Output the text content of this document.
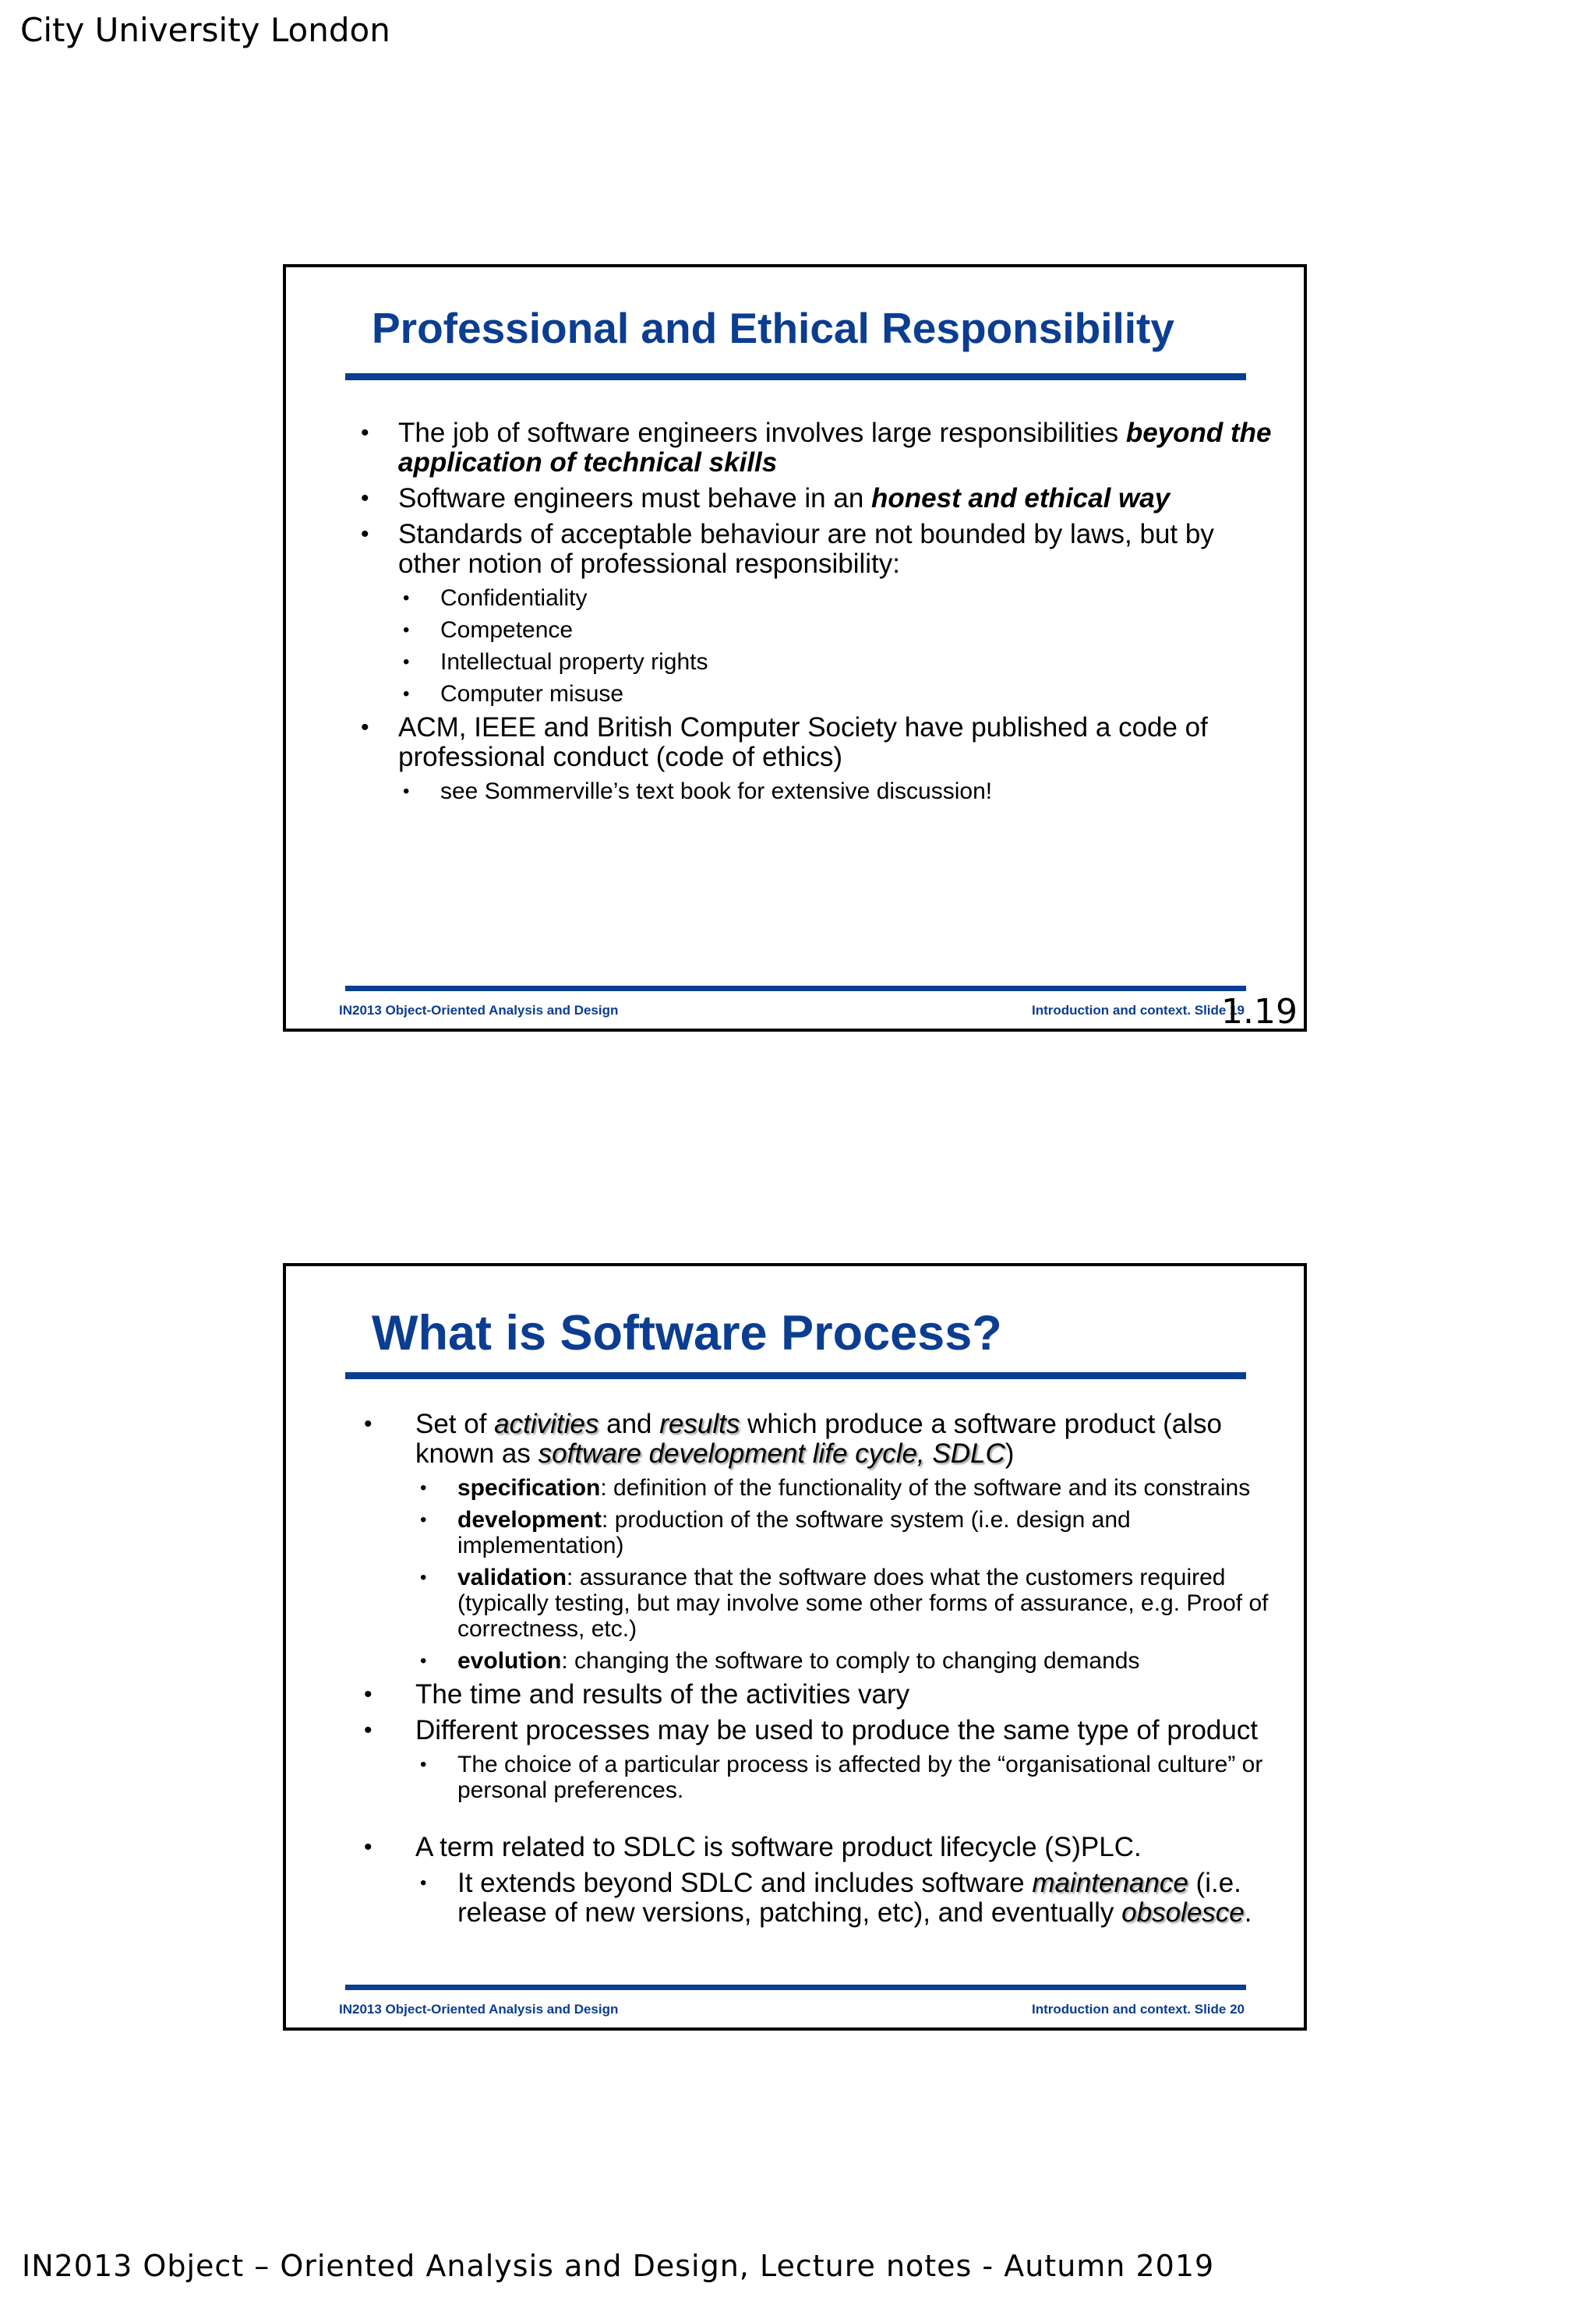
City University London
Professional and Ethical Responsibility
• The job of software engineers involves large responsibilities beyond the application of technical skills
• Software engineers must behave in an honest and ethical way
• Standards of acceptable behaviour are not bounded by laws, but by other notion of professional responsibility:
• Confidentiality
• Competence
• Intellectual property rights
• Computer misuse
• ACM, IEEE and British Computer Society have published a code of professional conduct (code of ethics)
• see Sommerville’s text book for extensive discussion!
IN2013 Object-Oriented Analysis and Design	Introduction and context. Slide 19
1.19
What is Software Process?
• Set of activities and results which produce a software product (also known as software development life cycle, SDLC)
• specification: definition of the functionality of the software and its constrains
• development: production of the software system (i.e. design and implementation)
• validation: assurance that the software does what the customers required (typically testing, but may involve some other forms of assurance, e.g. Proof of correctness, etc.)
• evolution: changing the software to comply to changing demands
• The time and results of the activities vary
• Different processes may be used to produce the same type of product
• The choice of a particular process is affected by the “organisational culture” or personal preferences.
• A term related to SDLC is software product lifecycle (S)PLC.
• It extends beyond SDLC and includes software maintenance (i.e. release of new versions, patching, etc), and eventually obsolesce.
IN2013 Object-Oriented Analysis and Design	Introduction and context. Slide 20
IN2013 Object – Oriented Analysis and Design, Lecture notes - Autumn 2019
